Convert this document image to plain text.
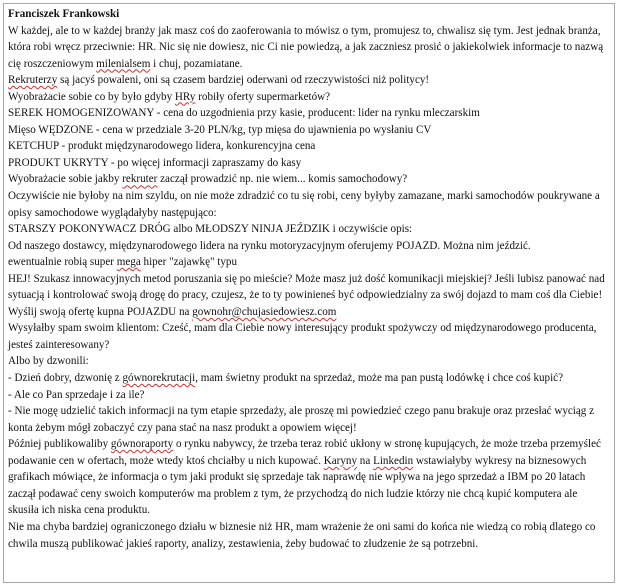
Franciszek Frankowski

W każdej, ale to w każdej branży jak masz coś do zaoferowania to mówisz o tym, promujesz to, chwalisz się tym. Jest jednak branża, która robi wręcz przeciwnie: HR. Nic się nie dowiesz, nic Ci nie powiedzą, a jak zaczniesz prosić o jakiekolwiek informacje to nazwą cię roszczeniowym milenialsem i chuj, pozamiatane.

Rekruterzy są jacyś powaleni, oni są czasem bardziej oderwani od rzeczywistości niż politycy!

Wyobrażacie sobie co by było gdyby HRy robiły oferty supermarketów?

SEREK HOMOGENIZOWANY - cena do uzgodnienia przy kasie, producent: lider na rynku mleczarskim

Mięso WĘDZONE - cena w przedziale 3-20 PLN/kg, typ mięsa do ujawnienia po wysłaniu CV

KETCHUP - produkt międzynarodowego lidera, konkurencyjna cena

PRODUKT UKRYTY - po więcej informacji zapraszamy do kasy

Wyobrażacie sobie jakby rekruter zaczął prowadzić np. nie wiem... komis samochodowy?

Oczywiście nie byłoby na nim szyldu, on nie może zdradzić co tu się robi, ceny byłyby zamazane, marki samochodów poukrywane a opisy samochodowe wyglądałyby następująco:

STARSZY POKONYWACZ DRÓG albo MŁODSZY NINJA JEŹDZIK i oczywiście opis:

Od naszego dostawcy, międzynarodowego lidera na rynku motoryzacyjnym oferujemy POJAZD. Można nim jeździć.

ewentualnie robią super mega hiper "zajawkę" typu

HEJ! Szukasz innowacyjnych metod poruszania się po mieście? Może masz już dość komunikacji miejskiej? Jeśli lubisz panować nad sytuacją i kontrolować swoją drogę do pracy, czujesz, że to ty powinieneś być odpowiedzialny za swój dojazd to mam coś dla Ciebie! Wyślij swoją ofertę kupna POJAZDU na gownohr@chujasiedowiesz.com

Wysyłałby spam swoim klientom: Cześć, mam dla Ciebie nowy interesujący produkt spożywczy od międzynarodowego producenta, jesteś zainteresowany?

Albo by dzwonili:

- Dzień dobry, dzwonię z gównorekrutacji, mam świetny produkt na sprzedaż, może ma pan pustą lodówkę i chce coś kupić?

- Ale co Pan sprzedaje i za ile?

- Nie mogę udzielić takich informacji na tym etapie sprzedaży, ale proszę mi powiedzieć czego panu brakuje oraz przesłać wyciąg z konta żebym mógł zobaczyć czy pana stać na nasz produkt a opowiem więcej!

Później publikowaliby gównoraporty o rynku nabywcy, że trzeba teraz robić ukłony w stronę kupujących, że może trzeba przemyśleć podawanie cen w ofertach, może wtedy ktoś chciałby u nich kupować. Karyny na Linkedin wstawiałyby wykresy na biznesowych grafikach mówiące, że informacja o tym jaki produkt się sprzedaje tak naprawdę nie wpływa na jego sprzedaż a IBM po 20 latach zaczął podawać ceny swoich komputerów ma problem z tym, że przychodzą do nich ludzie którzy nie chcą kupić komputera ale skusiła ich niska cena produktu.

Nie ma chyba bardziej ograniczonego działu w biznesie niż HR, mam wrażenie że oni sami do końca nie wiedzą co robią dlatego co chwila muszą publikować jakieś raporty, analizy, zestawienia, żeby budować to złudzenie że są potrzebni.
